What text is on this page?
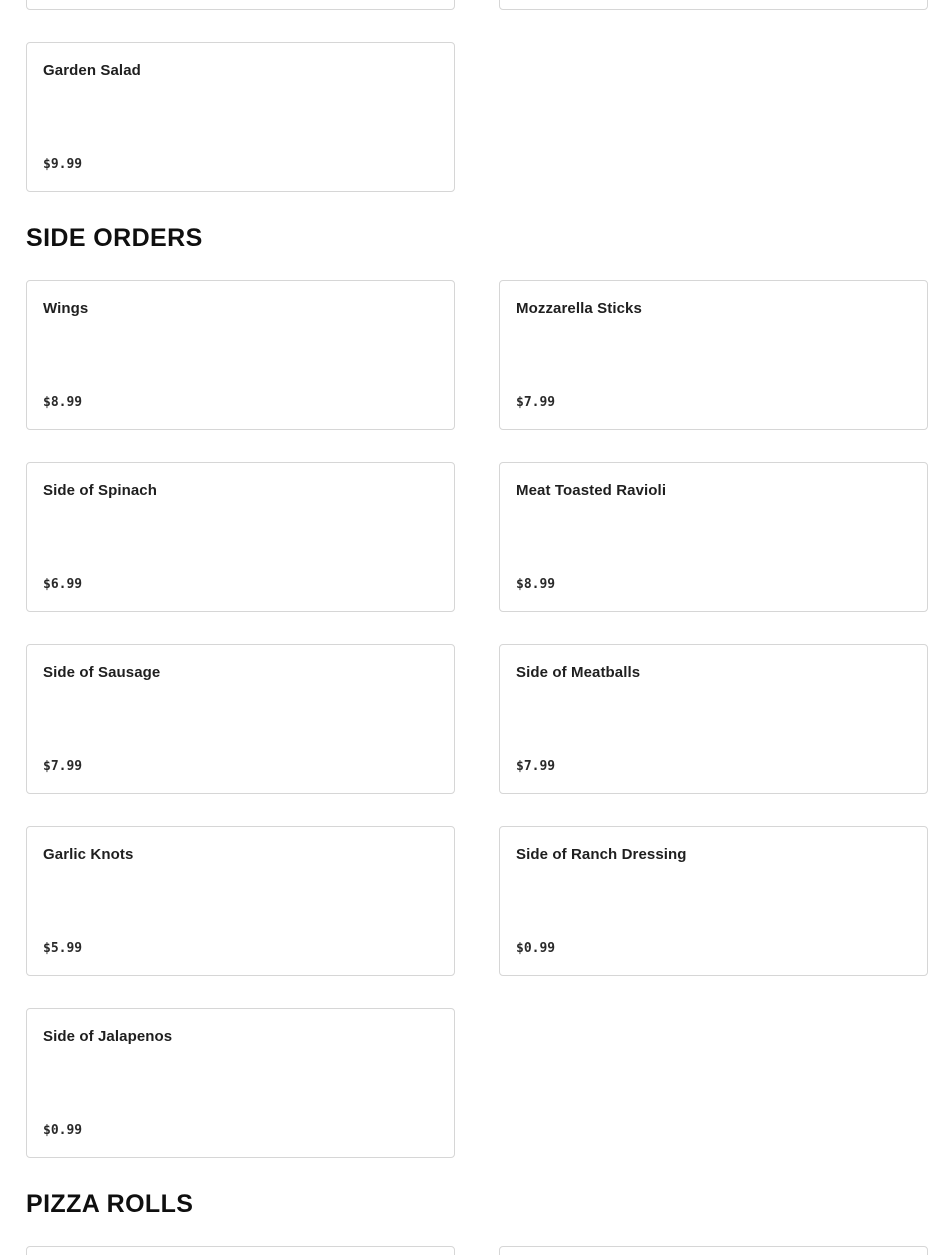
Garden Salad
$9.99
SIDE ORDERS
Wings
$8.99
Mozzarella Sticks
$7.99
Side of Spinach
$6.99
Meat Toasted Ravioli
$8.99
Side of Sausage
$7.99
Side of Meatballs
$7.99
Garlic Knots
$5.99
Side of Ranch Dressing
$0.99
Side of Jalapenos
$0.99
PIZZA ROLLS
